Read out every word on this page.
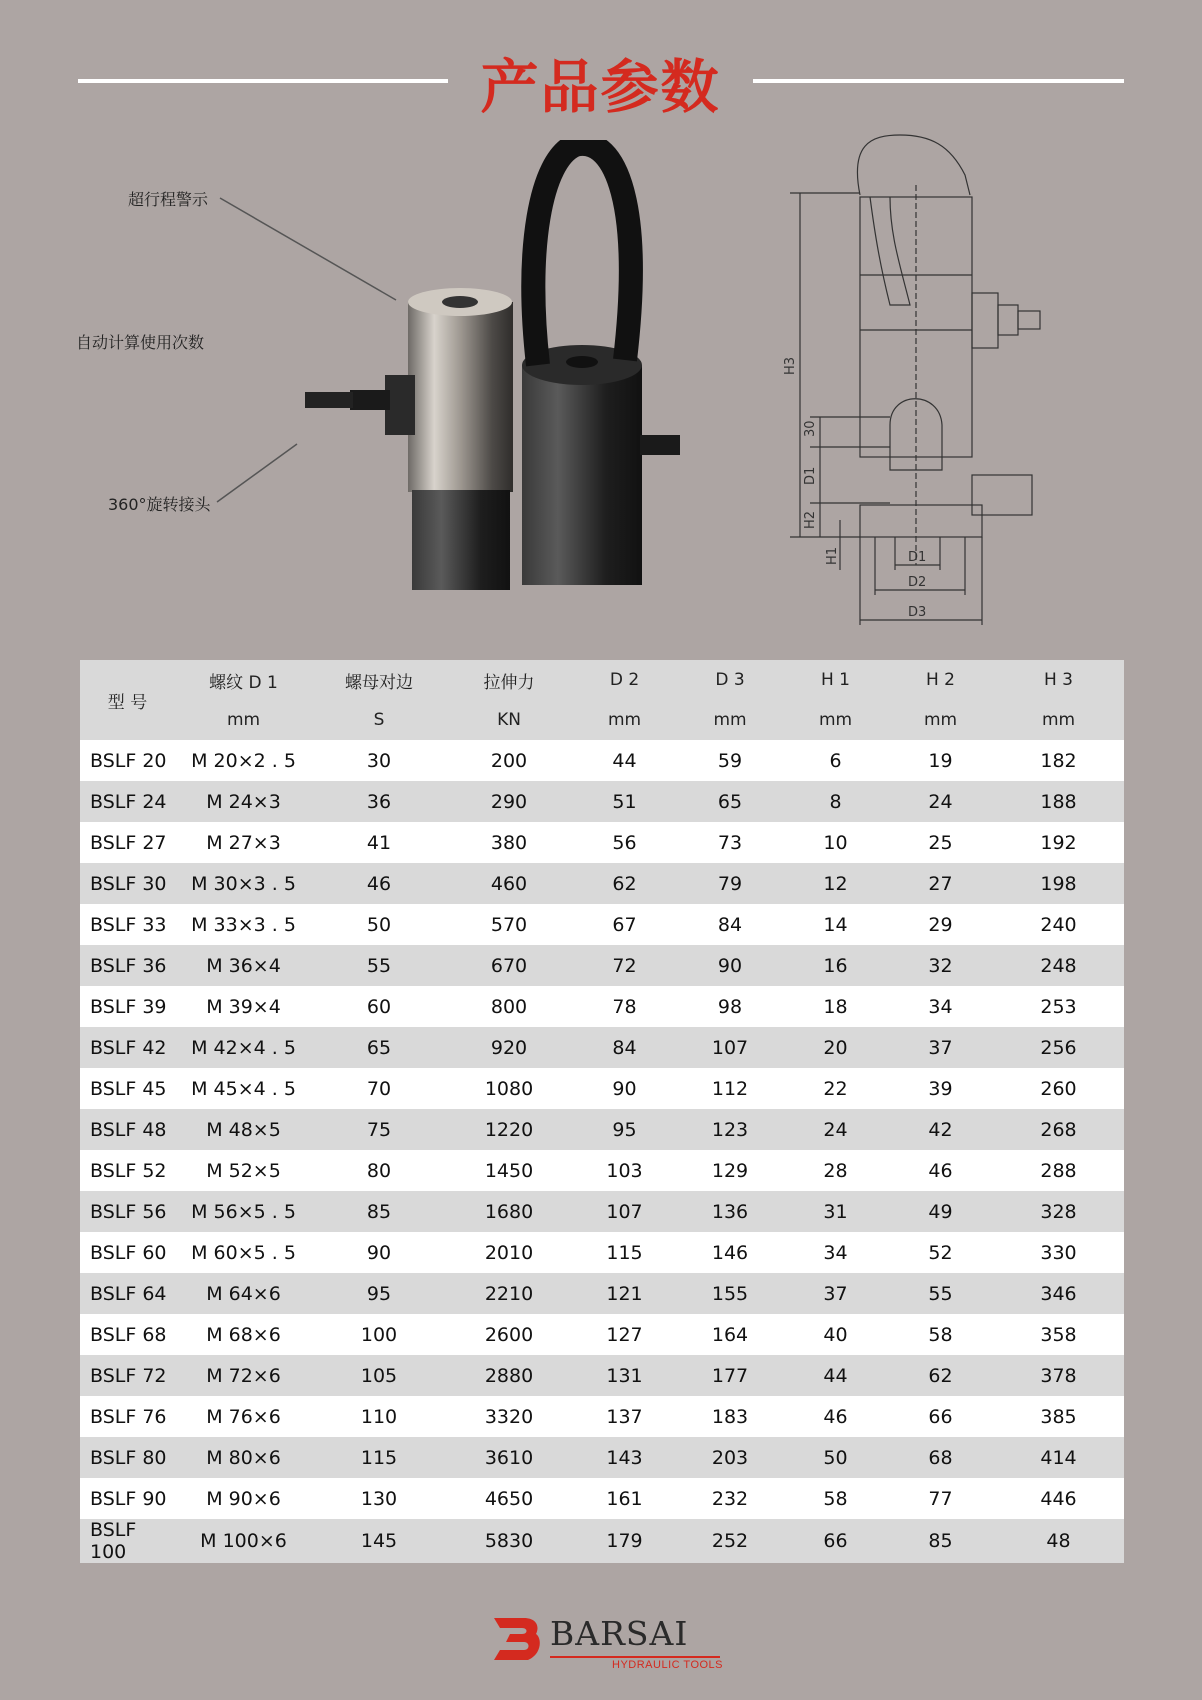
产品参数
超行程警示
自动计算使用次数
360°旋转接头
H3
30
D1
H2
H1	D1
D2
D3
型 号	螺纹 D 1	螺母对边	拉伸力	D 2	D 3	H 1	H 2	H 3
	mm	S	KN	mm	mm	mm	mm	mm
BSLF 20	M 20×2 . 5	30	200	44	59	6	19	182
BSLF 24	M 24×3	36	290	51	65	8	24	188
BSLF 27	M 27×3	41	380	56	73	10	25	192
BSLF 30	M 30×3 . 5	46	460	62	79	12	27	198
BSLF 33	M 33×3 . 5	50	570	67	84	14	29	240
BSLF 36	M 36×4	55	670	72	90	16	32	248
BSLF 39	M 39×4	60	800	78	98	18	34	253
BSLF 42	M 42×4 . 5	65	920	84	107	20	37	256
BSLF 45	M 45×4 . 5	70	1080	90	112	22	39	260
BSLF 48	M 48×5	75	1220	95	123	24	42	268
BSLF 52	M 52×5	80	1450	103	129	28	46	288
BSLF 56	M 56×5 . 5	85	1680	107	136	31	49	328
BSLF 60	M 60×5 . 5	90	2010	115	146	34	52	330
BSLF 64	M 64×6	95	2210	121	155	37	55	346
BSLF 68	M 68×6	100	2600	127	164	40	58	358
BSLF 72	M 72×6	105	2880	131	177	44	62	378
BSLF 76	M 76×6	110	3320	137	183	46	66	385
BSLF 80	M 80×6	115	3610	143	203	50	68	414
BSLF 90	M 90×6	130	4650	161	232	58	77	446
BSLF 100	M 100×6	145	5830	179	252	66	85	48
BARSAI
HYDRAULIC TOOLS
